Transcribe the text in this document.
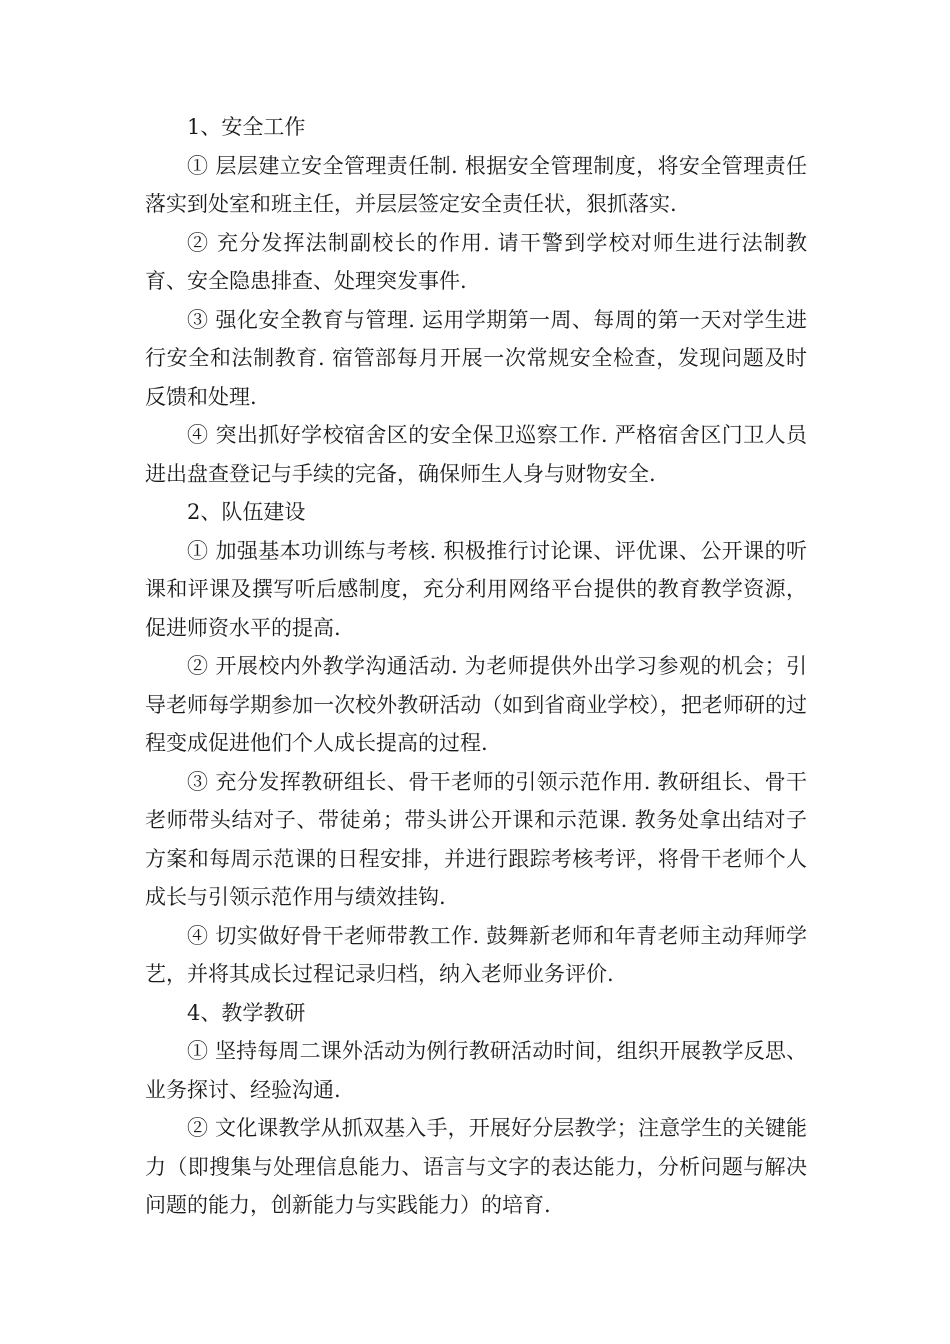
1、安全工作

① 层层建立安全管理责任制. 根据安全管理制度，将安全管理责任落实到处室和班主任，并层层签定安全责任状，狠抓落实.

② 充分发挥法制副校长的作用. 请干警到学校对师生进行法制教育、安全隐患排查、处理突发事件.

③ 强化安全教育与管理. 运用学期第一周、每周的第一天对学生进行安全和法制教育. 宿管部每月开展一次常规安全检查，发现问题及时反馈和处理.

④ 突出抓好学校宿舍区的安全保卫巡察工作. 严格宿舍区门卫人员进出盘查登记与手续的完备，确保师生人身与财物安全.

2、队伍建设

① 加强基本功训练与考核. 积极推行讨论课、评优课、公开课的听课和评课及撰写听后感制度，充分利用网络平台提供的教育教学资源，促进师资水平的提高.

② 开展校内外教学沟通活动. 为老师提供外出学习参观的机会；引导老师每学期参加一次校外教研活动（如到省商业学校），把老师研的过程变成促进他们个人成长提高的过程.

③ 充分发挥教研组长、骨干老师的引领示范作用. 教研组长、骨干老师带头结对子、带徒弟；带头讲公开课和示范课. 教务处拿出结对子方案和每周示范课的日程安排，并进行跟踪考核考评，将骨干老师个人成长与引领示范作用与绩效挂钩.

④ 切实做好骨干老师带教工作. 鼓舞新老师和年青老师主动拜师学艺，并将其成长过程记录归档，纳入老师业务评价.

4、教学教研

① 坚持每周二课外活动为例行教研活动时间，组织开展教学反思、业务探讨、经验沟通.

② 文化课教学从抓双基入手，开展好分层教学；注意学生的关键能力（即搜集与处理信息能力、语言与文字的表达能力，分析问题与解决问题的能力，创新能力与实践能力）的培育.
